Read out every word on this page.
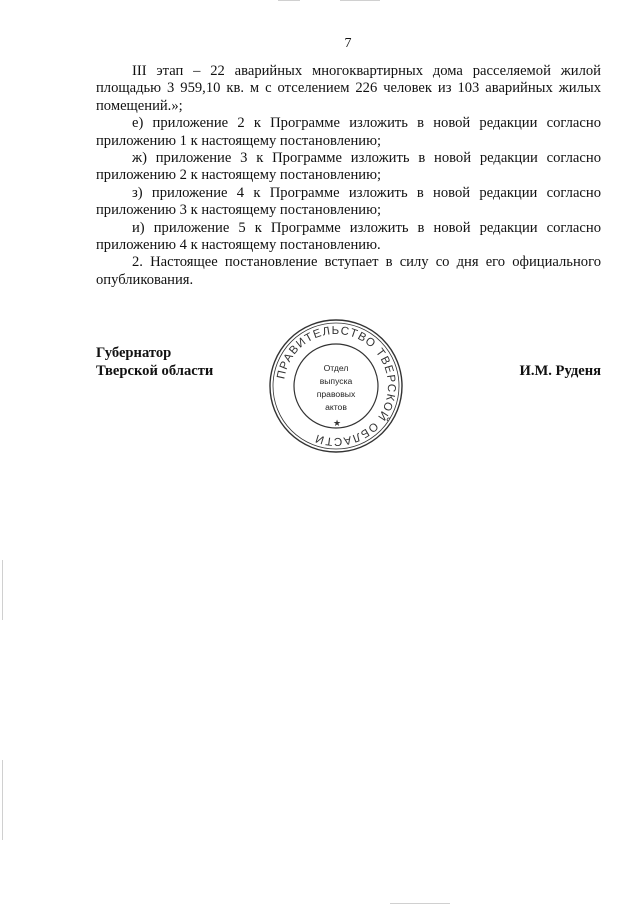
7

III этап – 22 аварийных многоквартирных дома расселяемой жилой площадью 3 959,10 кв. м с отселением 226 человек из 103 аварийных жилых помещений.»;

е) приложение 2 к Программе изложить в новой редакции согласно приложению 1 к настоящему постановлению;

ж) приложение 3 к Программе изложить в новой редакции согласно приложению 2 к настоящему постановлению;

з) приложение 4 к Программе изложить в новой редакции согласно приложению 3 к настоящему постановлению;

и) приложение 5 к Программе изложить в новой редакции согласно приложению 4 к настоящему постановлению.

2. Настоящее постановление вступает в силу со дня его официального опубликования.

Губернатор
Тверской области	И.М. Руденя
ПРАВИТЕЛЬСТВО ТВЕРСКОЙ ОБЛАСТИ
★
Отдел
выпуска
правовых
актов
